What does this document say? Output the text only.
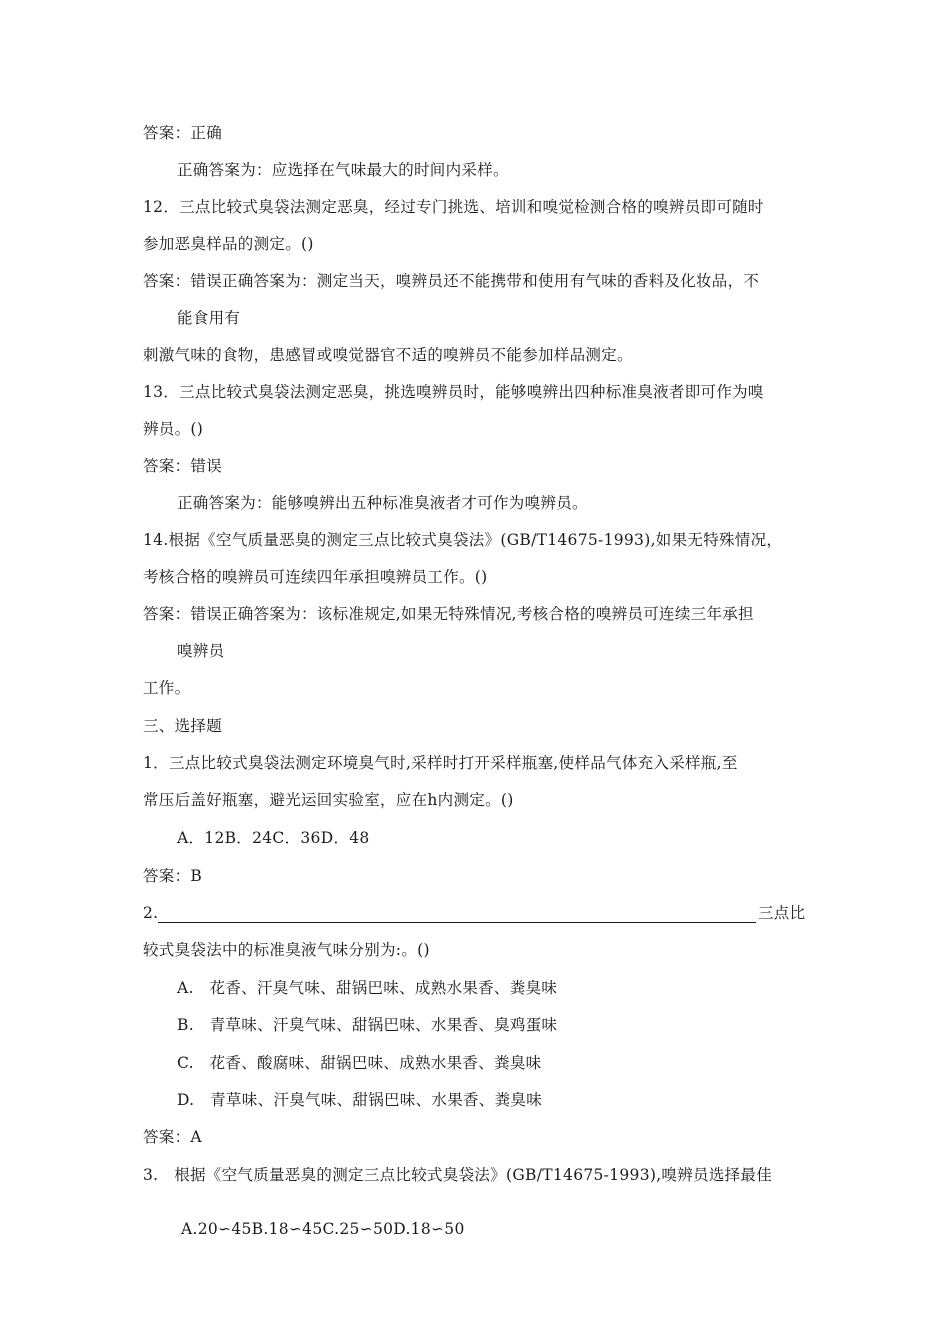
答案：正确
正确答案为：应选择在气味最大的时间内采样。
12．三点比较式臭袋法测定恶臭，经过专门挑选、培训和嗅觉检测合格的嗅辨员即可随时
参加恶臭样品的测定。()
答案：错误正确答案为：测定当天，嗅辨员还不能携带和使用有气味的香料及化妆品，不
能食用有
刺激气味的食物，患感冒或嗅觉器官不适的嗅辨员不能参加样品测定。
13．三点比较式臭袋法测定恶臭，挑选嗅辨员时，能够嗅辨出四种标准臭液者即可作为嗅
辨员。()
答案：错误
正确答案为：能够嗅辨出五种标准臭液者才可作为嗅辨员。
14.根据《空气质量恶臭的测定三点比较式臭袋法》(GB/T14675-1993),如果无特殊情况，
考核合格的嗅辨员可连续四年承担嗅辨员工作。()
答案：错误正确答案为：该标准规定,如果无特殊情况,考核合格的嗅辨员可连续三年承担
嗅辨员
工作。
三、选择题
1．三点比较式臭袋法测定环境臭气时,采样时打开采样瓶塞,使样品气体充入采样瓶,至
常压后盖好瓶塞，避光运回实验室，应在h内测定。()
A．12B．24C．36D．48
答案：B
2.	三点比
较式臭袋法中的标准臭液气味分别为:。()
A.　花香、汗臭气味、甜锅巴味、成熟水果香、粪臭味
B.　青草味、汗臭气味、甜锅巴味、水果香、臭鸡蛋味
C.　花香、酸腐味、甜锅巴味、成熟水果香、粪臭味
D.　青草味、汗臭气味、甜锅巴味、水果香、粪臭味
答案：A
3.　根据《空气质量恶臭的测定三点比较式臭袋法》(GB/T14675-1993),嗅辨员选择最佳
A.20∽45B.18∽45C.25∽50D.18∽50
